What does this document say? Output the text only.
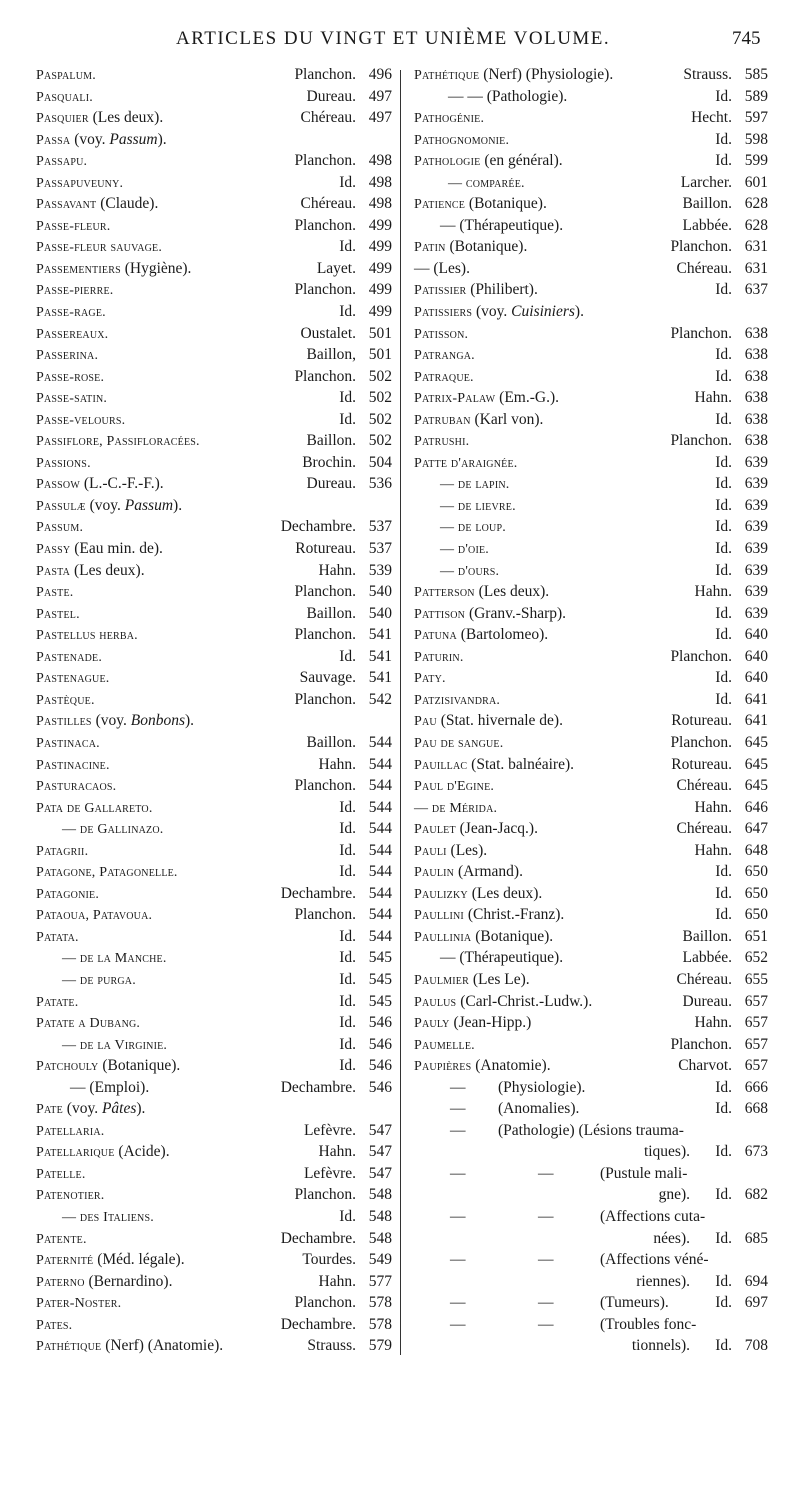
ARTICLES DU VINGT ET UNIÈME VOLUME.	745
Paspalum.	Planchon. 496
Pasquali.	Dureau. 497
Pasquier (Les deux).	Chéreau. 497
Passa (voy. Passum).
Passapu.	Planchon. 498
Passapuveuny.	Id. 498
Passavant (Claude).	Chéreau. 498
Passe-fleur.	Planchon. 499
Passe-fleur sauvage.	Id. 499
Passementiers (Hygiène).	Layet. 499
Passe-pierre.	Planchon. 499
Passe-rage.	Id. 499
Passereaux.	Oustalet. 501
Passerina.	Baillon, 501
Passe-rose.	Planchon. 502
Passe-satin.	Id. 502
Passe-velours.	Id. 502
Passiflore, Passifloracées.	Baillon. 502
Passions.	Brochin. 504
Passow (L.-C.-F.-F.).	Dureau. 536
Passulæ (voy. Passum).
Passum.	Dechambre. 537
Passy (Eau min. de).	Rotureau. 537
Pasta (Les deux).	Hahn. 539
Paste.	Planchon. 540
Pastel.	Baillon. 540
Pastellus herba.	Planchon. 541
Pastenade.	Id. 541
Pastenague.	Sauvage. 541
Pastèque.	Planchon. 542
Pastilles (voy. Bonbons).
Pastinaca.	Baillon. 544
Pastinacine.	Hahn. 544
Pasturacaos.	Planchon. 544
Pata de Gallareto.	Id. 544
— de Gallinazo.	Id. 544
Patagrii.	Id. 544
Patagone, Patagonelle.	Id. 544
Patagonie.	Dechambre. 544
Pataoua, Patavoua.	Planchon. 544
Patata.	Id. 544
— de la Manche.	Id. 545
— de purga.	Id. 545
Patate.	Id. 545
Patate a Dubang.	Id. 546
— de la Virginie.	Id. 546
Patchouly (Botanique).	Id. 546
— (Emploi).	Dechambre. 546
Pate (voy. Pâtes).
Patellaria.	Lefèvre. 547
Patellarique (Acide).	Hahn. 547
Patelle.	Lefèvre. 547
Patenotier.	Planchon. 548
— des Italiens.	Id. 548
Patente.	Dechambre. 548
Paternité (Méd. légale).	Tourdes. 549
Paterno (Bernardino).	Hahn. 577
Pater-Noster.	Planchon. 578
Pates.	Dechambre. 578
Pathétique (Nerf) (Anatomie).	Strauss. 579
Pathétique (Nerf) (Physiologie).	Strauss. 585
— — (Pathologie).	Id. 589
Pathogénie.	Hecht. 597
Pathognomonie.	Id. 598
Pathologie (en général).	Id. 599
— comparée.	Larcher. 601
Patience (Botanique).	Baillon. 628
— (Thérapeutique).	Labbée. 628
Patin (Botanique).	Planchon. 631
— (Les).	Chéreau. 631
Patissier (Philibert).	Id. 637
Patissiers (voy. Cuisiniers).
Patisson.	Planchon. 638
Patranga.	Id. 638
Patraque.	Id. 638
Patrix-Palaw (Em.-G.).	Hahn. 638
Patruban (Karl von).	Id. 638
Patrushi.	Planchon. 638
Patte d'araignée.	Id. 639
— de lapin.	Id. 639
— de lievre.	Id. 639
— de loup.	Id. 639
— d'oie.	Id. 639
— d'ours.	Id. 639
Patterson (Les deux).	Hahn. 639
Pattison (Granv.-Sharp).	Id. 639
Patuna (Bartolomeo).	Id. 640
Paturin.	Planchon. 640
Paty.	Id. 640
Patzisivandra.	Id. 641
Pau (Stat. hivernale de).	Rotureau. 641
Pau de sangue.	Planchon. 645
Pauillac (Stat. balnéaire).	Rotureau. 645
Paul d'Egine.	Chéreau. 645
— de Mérida.	Hahn. 646
Paulet (Jean-Jacq.).	Chéreau. 647
Pauli (Les).	Hahn. 648
Paulin (Armand).	Id. 650
Paulizky (Les deux).	Id. 650
Paullini (Christ.-Franz).	Id. 650
Paullinia (Botanique).	Baillon. 651
— (Thérapeutique).	Labbée. 652
Paulmier (Les Le).	Chéreau. 655
Paulus (Carl-Christ.-Ludw.).	Dureau. 657
Pauly (Jean-Hipp.)	Hahn. 657
Paumelle.	Planchon. 657
Paupières (Anatomie).	Charvot. 657
— (Physiologie).	Id. 666
— (Anomalies).	Id. 668
— (Pathologie) (Lésions trauma-
tiques). Id. 673
—	—	(Pustule mali-
gne). Id. 682
—	—	(Affections cuta-
nées). Id. 685
—	—	(Affections véné-
riennes). Id. 694
—	—	(Tumeurs).	Id. 697
—	—	(Troubles fonc-
tionnels). Id. 708
